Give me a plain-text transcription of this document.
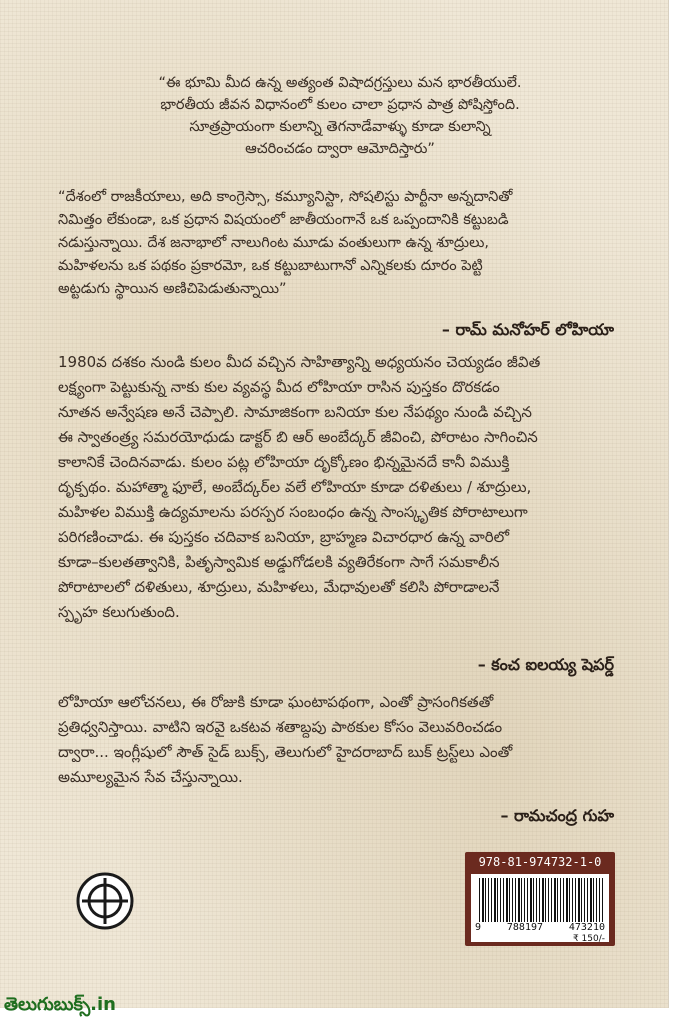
“ఈ భూమి మీద ఉన్న అత్యంత విషాదగ్రస్తులు మన భారతీయులే.
భారతీయ జీవన విధానంలో కులం చాలా ప్రధాన పాత్ర పోషిస్తోంది.
సూత్రప్రాయంగా కులాన్ని తెగనాడేవాళ్ళు కూడా కులాన్ని
ఆచరించడం ద్వారా ఆమోదిస్తారు”
“దేశంలో రాజకీయాలు, అది కాంగ్రెస్సా, కమ్యూనిస్టా, సోషలిస్టు పార్టీనా అన్నదానితో
నిమిత్తం లేకుండా, ఒక ప్రధాన విషయంలో జాతీయంగానే ఒక ఒప్పందానికి కట్టుబడి
నడుస్తున్నాయి. దేశ జనాభాలో నాలుగింట మూడు వంతులుగా ఉన్న శూద్రులు,
మహిళలను ఒక పథకం ప్రకారమో, ఒక కట్టుబాటుగానో ఎన్నికలకు దూరం పెట్టి
అట్టడుగు స్థాయిన అణిచిపెడుతున్నాయి”
– రామ్ మనోహర్ లోహియా
1980వ దశకం నుండి కులం మీద వచ్చిన సాహిత్యాన్ని అధ్యయనం చెయ్యడం జీవిత
లక్ష్యంగా పెట్టుకున్న నాకు కుల వ్యవస్థ మీద లోహియా రాసిన పుస్తకం దొరకడం
నూతన అన్వేషణ అనే చెప్పాలి. సామాజికంగా బనియా కుల నేపథ్యం నుండి వచ్చిన
ఈ స్వాతంత్ర్య సమరయోధుడు డాక్టర్ బి ఆర్ అంబేద్కర్ జీవించి, పోరాటం సాగించిన
కాలానికే చెందినవాడు. కులం పట్ల లోహియా దృక్కోణం భిన్నమైనదే కానీ విముక్తి
దృక్పథం. మహాత్మా ఫూలే, అంబేద్కర్‌ల వలే లోహియా కూడా దళితులు / శూద్రులు,
మహిళల విముక్తి ఉద్యమాలను పరస్పర సంబంధం ఉన్న సాంస్కృతిక పోరాటాలుగా
పరిగణించాడు. ఈ పుస్తకం చదివాక బనియా, బ్రాహ్మణ విచారధార ఉన్న వారిలో
కూడా–కులతత్వానికి, పితృస్వామిక అడ్డుగోడలకి వ్యతిరేకంగా సాగే సమకాలీన
పోరాటాలలో దళితులు, శూద్రులు, మహిళలు, మేధావులతో కలిసి పోరాడాలనే
స్పృహ కలుగుతుంది.
– కంచ ఐలయ్య షెపర్డ్
లోహియా ఆలోచనలు, ఈ రోజుకి కూడా ఘంటాపథంగా, ఎంతో ప్రాసంగికతతో
ప్రతిధ్వనిస్తాయి. వాటిని ఇరవై ఒకటవ శతాబ్దపు పాఠకుల కోసం వెలువరించడం
ద్వారా... ఇంగ్లీషులో సౌత్ సైడ్ బుక్స్, తెలుగులో హైదరాబాద్ బుక్ ట్రస్ట్‌లు ఎంతో
అమూల్యమైన సేవ చేస్తున్నాయి.
– రామచంద్ర గుహ
978-81-974732-1-0
9	788197	473210
₹ 150/-
తెలుగుబుక్స్.in
